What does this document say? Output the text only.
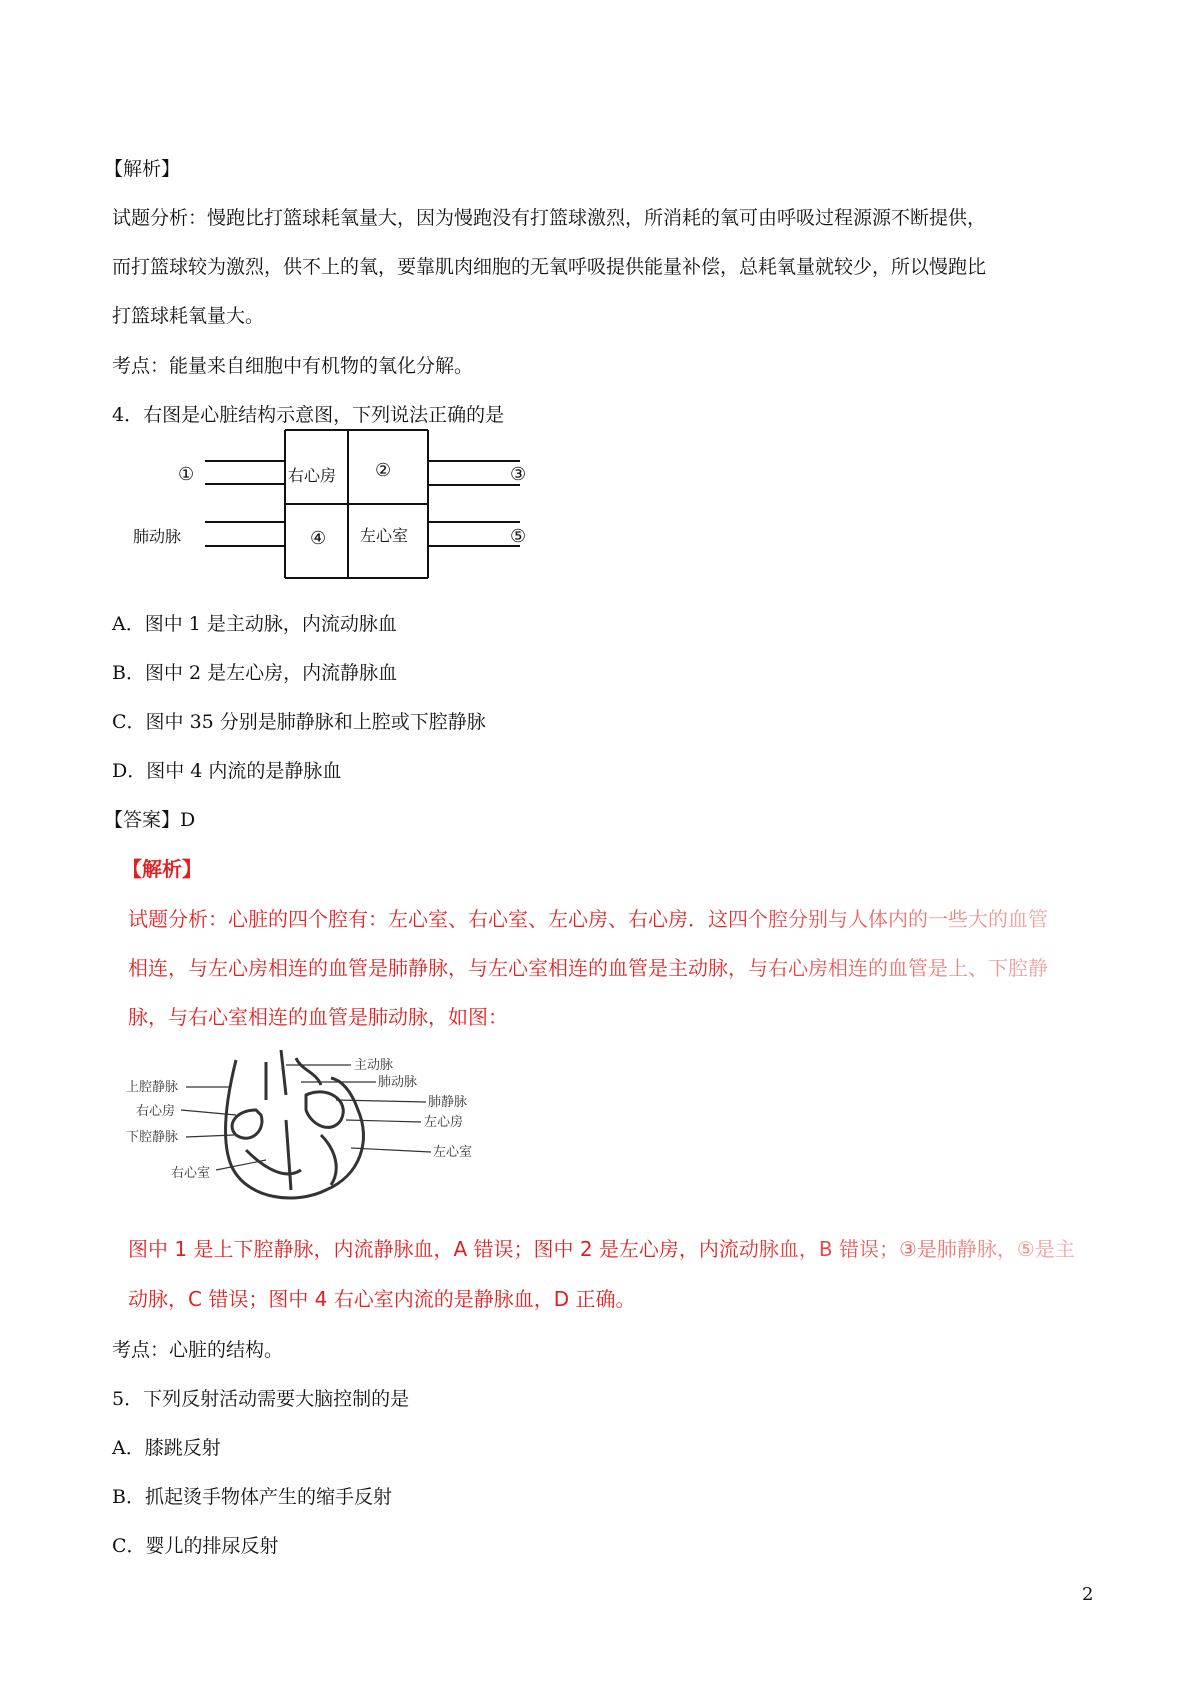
【解析】
试题分析：慢跑比打篮球耗氧量大，因为慢跑没有打篮球激烈，所消耗的氧可由呼吸过程源源不断提供，
而打篮球较为激烈，供不上的氧，要靠肌肉细胞的无氧呼吸提供能量补偿，总耗氧量就较少，所以慢跑比
打篮球耗氧量大。
考点：能量来自细胞中有机物的氧化分解。
4．右图是心脏结构示意图，下列说法正确的是
①	②	③
④	⑤
右心房
左心室
肺动脉
A．图中 1 是主动脉，内流动脉血
B．图中 2 是左心房，内流静脉血
C．图中 35 分别是肺静脉和上腔或下腔静脉
D．图中 4 内流的是静脉血
【答案】D
【解析】
试题分析：心脏的四个腔有：左心室、右心室、左心房、右心房．这四个腔分别与人体内的一些大的血管
相连，与左心房相连的血管是肺静脉，与左心室相连的血管是主动脉，与右心房相连的血管是上、下腔静
脉，与右心室相连的血管是肺动脉，如图：
上腔静脉
右心房
下腔静脉
右心室
主动脉
肺动脉
肺静脉
左心房
左心室
图中 1 是上下腔静脉，内流静脉血，A 错误；图中 2 是左心房，内流动脉血，B 错误；③是肺静脉，⑤是主
动脉，C 错误；图中 4 右心室内流的是静脉血，D 正确。
考点：心脏的结构。
5．下列反射活动需要大脑控制的是
A．膝跳反射
B．抓起烫手物体产生的缩手反射
C．婴儿的排尿反射
2
